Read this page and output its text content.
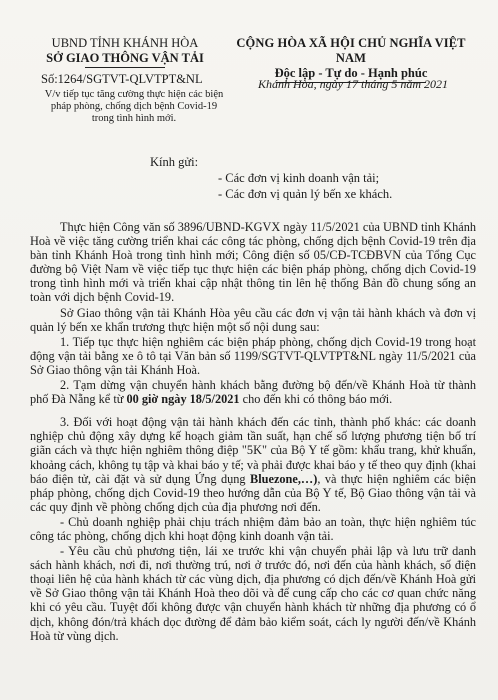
UBND TỈNH KHÁNH HÒA
SỞ GIAO THÔNG VẬN TẢI
Số:1264/SGTVT-QLVTPT&NL
V/v tiếp tục tăng cường thực hiện các biện pháp phòng, chống dịch bệnh Covid-19 trong tình hình mới.
CỘNG HÒA XÃ HỘI CHỦ NGHĨA VIỆT NAM
Độc lập - Tự do - Hạnh phúc
Khánh Hòa, ngày 17 tháng 5 năm 2021
Kính gửi:
- Các đơn vị kinh doanh vận tải;
- Các đơn vị quản lý bến xe khách.

Thực hiện Công văn số 3896/UBND-KGVX ngày 11/5/2021 của UBND tỉnh Khánh Hoà về việc tăng cường triển khai các công tác phòng, chống dịch bệnh Covid-19 trên địa bàn tỉnh Khánh Hoà trong tình hình mới; Công điện số 05/CĐ-TCĐBVN của Tổng Cục đường bộ Việt Nam về việc tiếp tục thực hiện các biện pháp phòng, chống dịch Covid-19 trong tình hình mới và triển khai cập nhật thông tin lên hệ thống Bản đồ chung sống an toàn với dịch bệnh Covid-19.

Sở Giao thông vận tải Khánh Hòa yêu cầu các đơn vị vận tải hành khách và đơn vị quản lý bến xe khẩn trương thực hiện một số nội dung sau:

1. Tiếp tục thực hiện nghiêm các biện pháp phòng, chống dịch Covid-19 trong hoạt động vận tải bằng xe ô tô tại Văn bản số 1199/SGTVT-QLVTPT&NL ngày 11/5/2021 của Sở Giao thông vận tải Khánh Hoà.

2. Tạm dừng vận chuyển hành khách bằng đường bộ đến/về Khánh Hoà từ thành phố Đà Nẵng kể từ 00 giờ ngày 18/5/2021 cho đến khi có thông báo mới.

3. Đối với hoạt động vận tải hành khách đến các tỉnh, thành phố khác: các doanh nghiệp chủ động xây dựng kế hoạch giảm tần suất, hạn chế số lượng phương tiện bố trí giãn cách và thực hiện nghiêm thông điệp "5K" của Bộ Y tế gồm: khẩu trang, khử khuẩn, khoảng cách, không tụ tập và khai báo y tế; và phải được khai báo y tế theo quy định (khai báo điện tử, cài đặt và sử dụng Ứng dụng Bluezone,…), và thực hiện nghiêm các biện pháp phòng, chống dịch Covid-19 theo hướng dẫn của Bộ Y tế, Bộ Giao thông vận tải và các quy định về phòng chống dịch của địa phương nơi đến.

- Chủ doanh nghiệp phải chịu trách nhiệm đảm bảo an toàn, thực hiện nghiêm túc công tác phòng, chống dịch khi hoạt động kinh doanh vận tải.

- Yêu cầu chủ phương tiện, lái xe trước khi vận chuyển phải lập và lưu trữ danh sách hành khách, nơi đi, nơi thường trú, nơi ở trước đó, nơi đến của hành khách, số điện thoại liên hệ của hành khách từ các vùng dịch, địa phương có dịch đến/về Khánh Hoà gửi về Sở Giao thông vận tải Khánh Hoà theo dõi và để cung cấp cho các cơ quan chức năng khi có yêu cầu. Tuyệt đối không được vận chuyển hành khách từ những địa phương có ổ dịch, không đón/trả khách dọc đường để đảm bảo kiểm soát, cách ly người đến/về Khánh Hoà từ vùng dịch.
